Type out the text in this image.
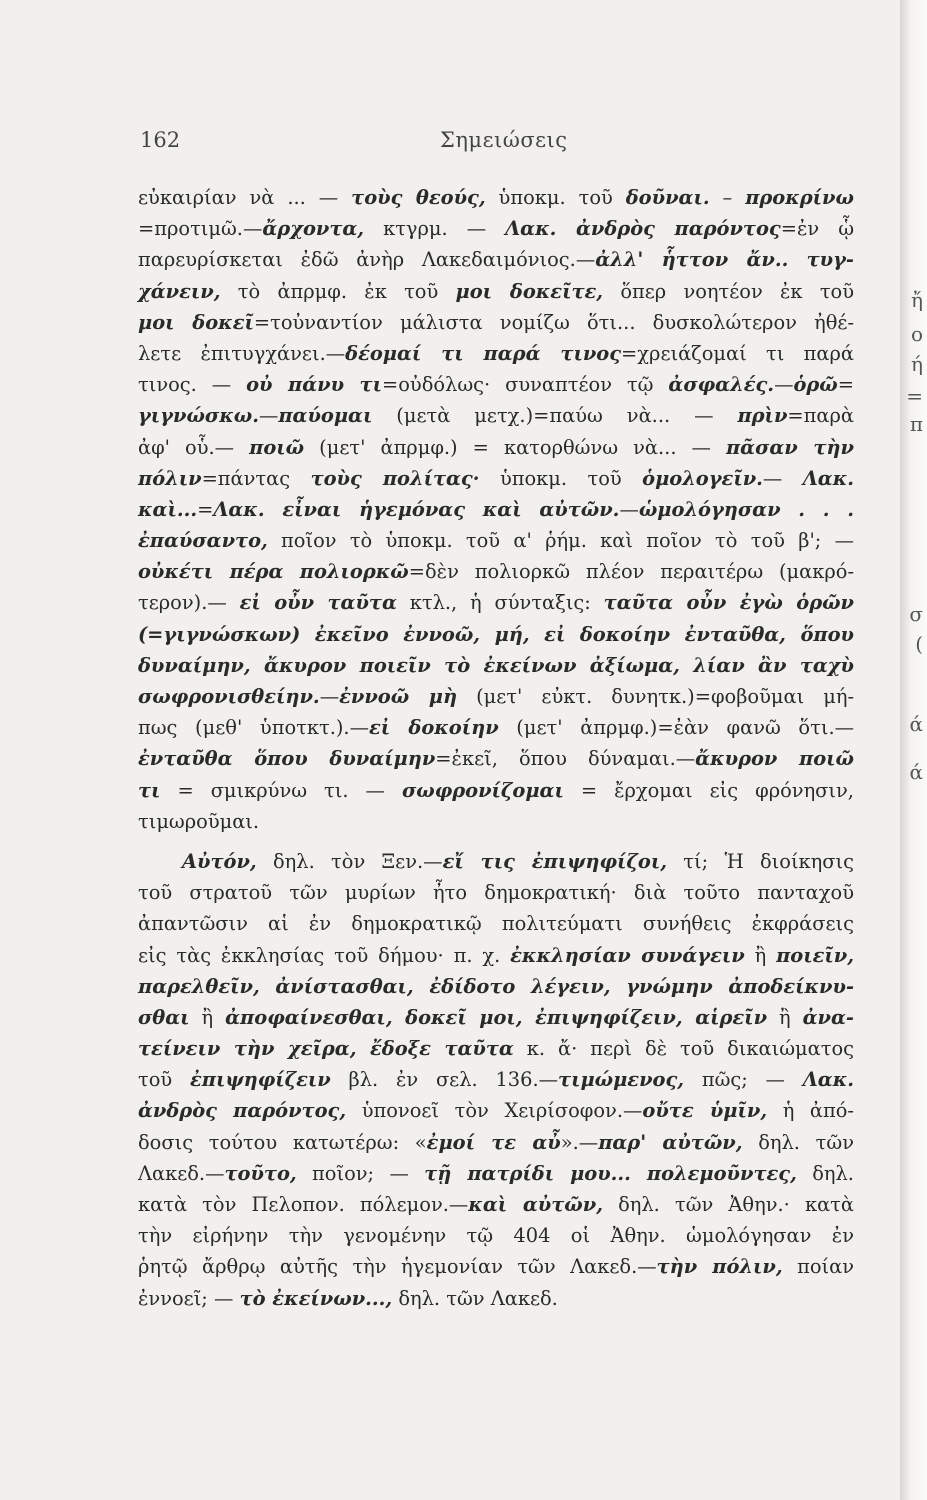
162	Σημειώσεις
εὐκαιρίαν νὰ ... — τοὺς θεούς, ὑποκμ. τοῦ δοῦναι. – προκρίνω
=προτιμῶ.—ἄρχοντα, κτγρμ. — Λακ. ἀνδρὸς παρόντος=ἐν ᾧ
παρευρίσκεται ἐδῶ ἀνὴρ Λακεδαιμόνιος.—ἀλλ' ἧττον ἄν.. τυγ-
χάνειν, τὸ ἀπρμφ. ἐκ τοῦ μοι δοκεῖτε, ὅπερ νοητέον ἐκ τοῦ
μοι δοκεῖ=τοὐναντίον μάλιστα νομίζω ὅτι... δυσκολώτερον ἠθέ-
λετε ἐπιτυγχάνει.—δέομαί τι παρά τινος=χρειάζομαί τι παρά
τινος. — οὐ πάνυ τι=οὐδόλως· συναπτέον τῷ ἀσφαλές.—ὁρῶ=
γιγνώσκω.—παύομαι (μετὰ μετχ.)=παύω νὰ... — πρὶν=παρὰ
ἀφ' οὗ.— ποιῶ (μετ' ἀπρμφ.) = κατορθώνω νὰ... — πᾶσαν τὴν
πόλιν=πάντας τοὺς πολίτας· ὑποκμ. τοῦ ὁμολογεῖν.— Λακ.
καὶ...=Λακ. εἶναι ἡγεμόνας καὶ αὐτῶν.—ὡμολόγησαν . . .
ἐπαύσαντο, ποῖον τὸ ὑποκμ. τοῦ α' ῥήμ. καὶ ποῖον τὸ τοῦ β'; —
οὐκέτι πέρα πολιορκῶ=δὲν πολιορκῶ πλέον περαιτέρω (μακρό-
τερον).— εἰ οὖν ταῦτα κτλ., ἡ σύνταξις: ταῦτα οὖν ἐγὼ ὁρῶν
(=γιγνώσκων) ἐκεῖνο ἐννοῶ, μή, εἰ δοκοίην ἐνταῦθα, ὅπου
δυναίμην, ἄκυρον ποιεῖν τὸ ἐκείνων ἀξίωμα, λίαν ἂν ταχὺ
σωφρονισθείην.—ἐννοῶ μὴ (μετ' εὐκτ. δυνητκ.)=φοβοῦμαι μή-
πως (μεθ' ὑποτκτ.).—εἰ δοκοίην (μετ' ἀπρμφ.)=ἐὰν φανῶ ὅτι.—
ἐνταῦθα ὅπου δυναίμην=ἐκεῖ, ὅπου δύναμαι.—ἄκυρον ποιῶ
τι = σμικρύνω τι. — σωφρονίζομαι = ἔρχομαι εἰς φρόνησιν,
τιμωροῦμαι.
Αὐτόν, δηλ. τὸν Ξεν.—εἴ τις ἐπιψηφίζοι, τί; Ἡ διοίκησις
τοῦ στρατοῦ τῶν μυρίων ἦτο δημοκρατική· διὰ τοῦτο πανταχοῦ
ἀπαντῶσιν αἱ ἐν δημοκρατικῷ πολιτεύματι συνήθεις ἐκφράσεις
εἰς τὰς ἐκκλησίας τοῦ δήμου· π. χ. ἐκκλησίαν συνάγειν ἢ ποιεῖν,
παρελθεῖν, ἀνίστασθαι, ἐδίδοτο λέγειν, γνώμην ἀποδείκνυ-
σθαι ἢ ἀποφαίνεσθαι, δοκεῖ μοι, ἐπιψηφίζειν, αἱρεῖν ἢ ἀνα-
τείνειν τὴν χεῖρα, ἔδοξε ταῦτα κ. ἄ· περὶ δὲ τοῦ δικαιώματος
τοῦ ἐπιψηφίζειν βλ. ἐν σελ. 136.—τιμώμενος, πῶς; — Λακ.
ἀνδρὸς παρόντος, ὑπονοεῖ τὸν Χειρίσοφον.—οὔτε ὑμῖν, ἡ ἀπό-
δοσις τούτου κατωτέρω: «ἐμοί τε αὖ».—παρ' αὐτῶν, δηλ. τῶν
Λακεδ.—τοῦτο, ποῖον; — τῇ πατρίδι μου... πολεμοῦντες, δηλ.
κατὰ τὸν Πελοπον. πόλεμον.—καὶ αὐτῶν, δηλ. τῶν Ἀθην.· κατὰ
τὴν εἰρήνην τὴν γενομένην τῷ 404 οἱ Ἀθην. ὡμολόγησαν ἐν
ῥητῷ ἄρθρῳ αὐτῆς τὴν ἡγεμονίαν τῶν Λακεδ.—τὴν πόλιν, ποίαν
ἐννοεῖ; — τὸ ἐκείνων..., δηλ. τῶν Λακεδ.
ἤ
ο
ή
=
π
σ
(
ά
ά
